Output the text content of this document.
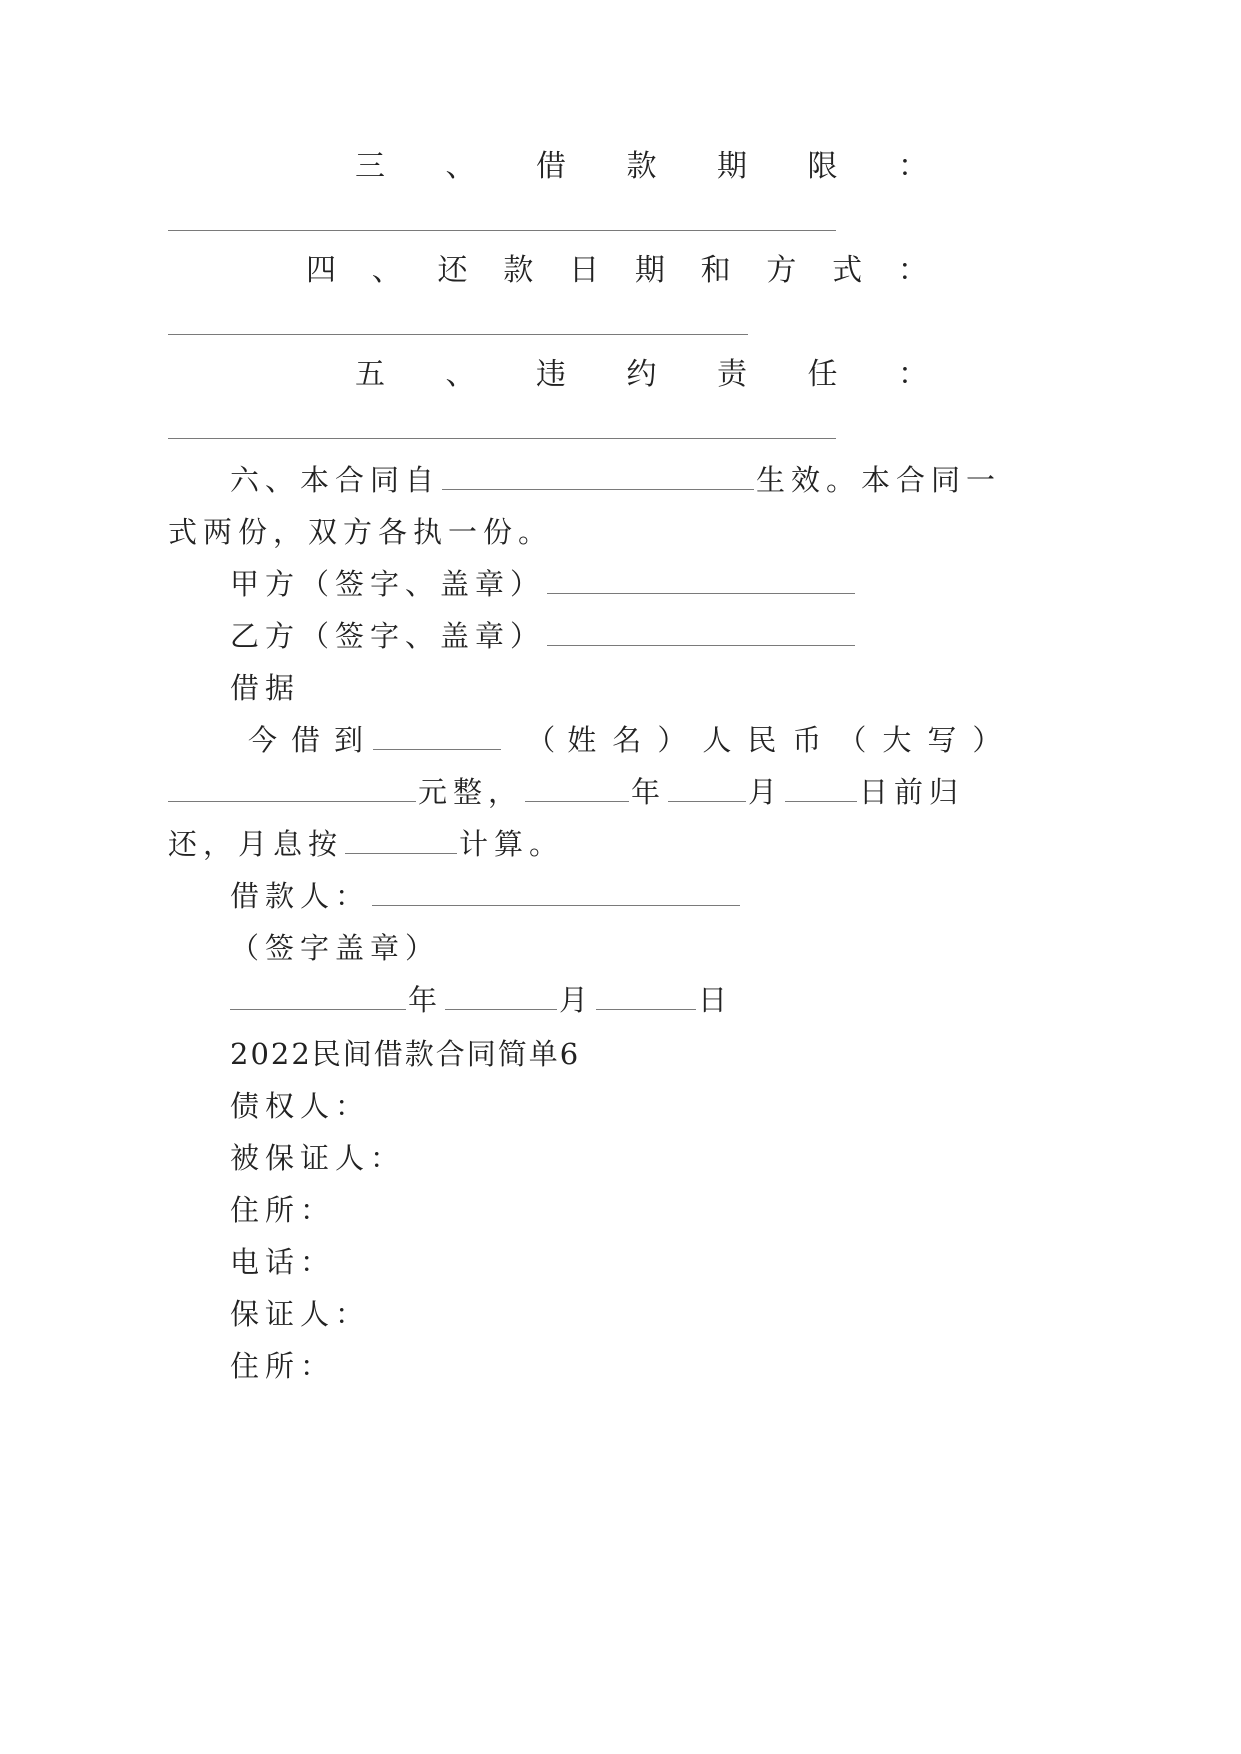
三 、 借 款 期 限 ：
四 、 还 款 日 期 和 方 式 ：
五 、 违 约 责 任 ：
六、本合同自	生效。本合同一
式两份，双方各执一份。
甲方（签字、盖章）
乙方（签字、盖章）
借据
今 借 到	（ 姓 名 ） 人 民 币 （ 大 写 ）
元整，	年	月	日前归
还，月息按	计算。
借款人：
（签字盖章）
年	月	日
2022民间借款合同简单6
债权人：
被保证人：
住所：
电话：
保证人：
住所：
